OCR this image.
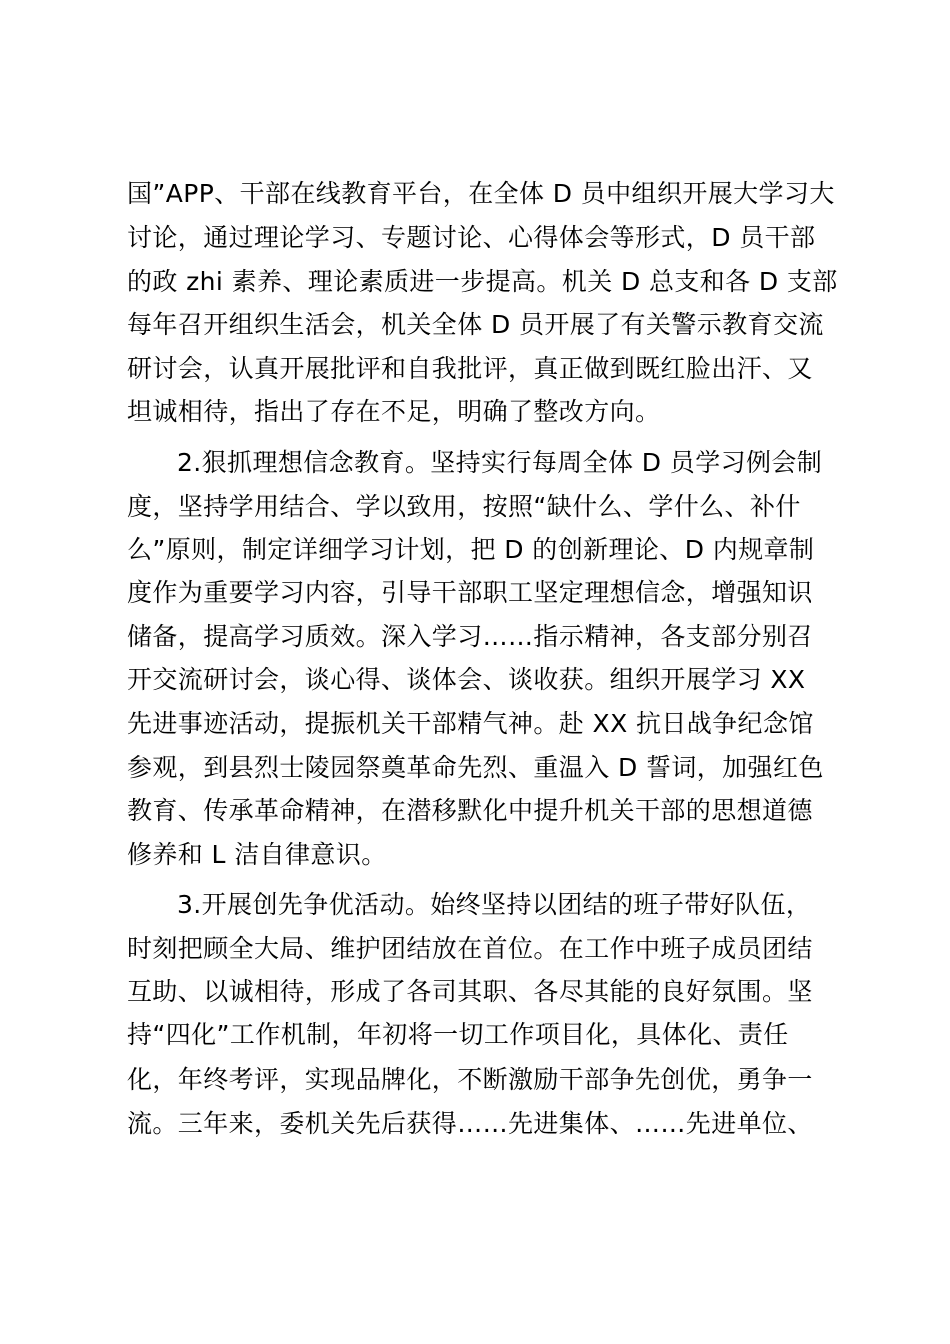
国”APP、干部在线教育平台，在全体 D 员中组织开展大学习大
讨论，通过理论学习、专题讨论、心得体会等形式，D 员干部
的政 zhi 素养、理论素质进一步提高。机关 D 总支和各 D 支部
每年召开组织生活会，机关全体 D 员开展了有关警示教育交流
研讨会，认真开展批评和自我批评，真正做到既红脸出汗、又
坦诚相待，指出了存在不足，明确了整改方向。
2.狠抓理想信念教育。坚持实行每周全体 D 员学习例会制
度，坚持学用结合、学以致用，按照“缺什么、学什么、补什
么”原则，制定详细学习计划，把 D 的创新理论、D 内规章制
度作为重要学习内容，引导干部职工坚定理想信念，增强知识
储备，提高学习质效。深入学习……指示精神，各支部分别召
开交流研讨会，谈心得、谈体会、谈收获。组织开展学习 XX
先进事迹活动，提振机关干部精气神。赴 XX 抗日战争纪念馆
参观，到县烈士陵园祭奠革命先烈、重温入 D 誓词，加强红色
教育、传承革命精神，在潜移默化中提升机关干部的思想道德
修养和 L 洁自律意识。
3.开展创先争优活动。始终坚持以团结的班子带好队伍，
时刻把顾全大局、维护团结放在首位。在工作中班子成员团结
互助、以诚相待，形成了各司其职、各尽其能的良好氛围。坚
持“四化”工作机制，年初将一切工作项目化，具体化、责任
化，年终考评，实现品牌化，不断激励干部争先创优，勇争一
流。三年来，委机关先后获得……先进集体、……先进单位、
